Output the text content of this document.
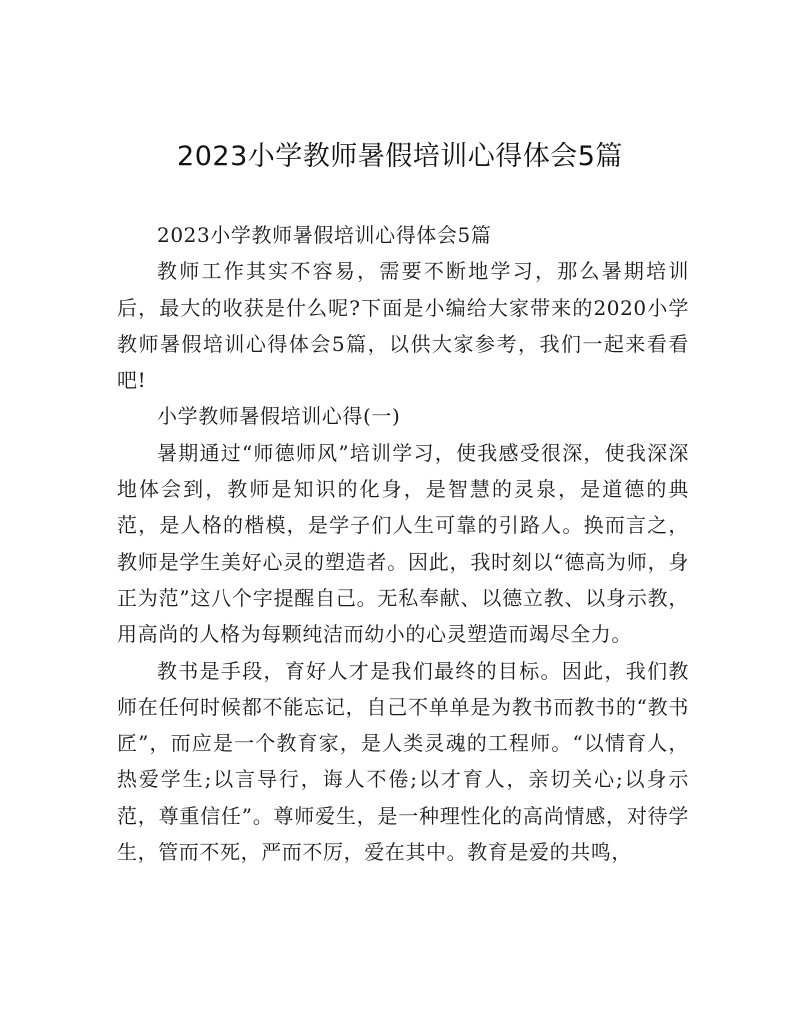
2023小学教师暑假培训心得体会5篇

2023小学教师暑假培训心得体会5篇

教师工作其实不容易，需要不断地学习，那么暑期培训后，最大的收获是什么呢?下面是小编给大家带来的2020小学教师暑假培训心得体会5篇，以供大家参考，我们一起来看看吧!

小学教师暑假培训心得(一)

暑期通过“师德师风”培训学习，使我感受很深，使我深深地体会到，教师是知识的化身，是智慧的灵泉，是道德的典范，是人格的楷模，是学子们人生可靠的引路人。换而言之，教师是学生美好心灵的塑造者。因此，我时刻以“德高为师，身正为范”这八个字提醒自己。无私奉献、以德立教、以身示教，用高尚的人格为每颗纯洁而幼小的心灵塑造而竭尽全力。

教书是手段，育好人才是我们最终的目标。因此，我们教师在任何时候都不能忘记，自己不单单是为教书而教书的“教书匠”，而应是一个教育家，是人类灵魂的工程师。“以情育人，热爱学生;以言导行，诲人不倦;以才育人，亲切关心;以身示范，尊重信任”。尊师爱生，是一种理性化的高尚情感，对待学生，管而不死，严而不厉，爱在其中。教育是爱的共鸣，
